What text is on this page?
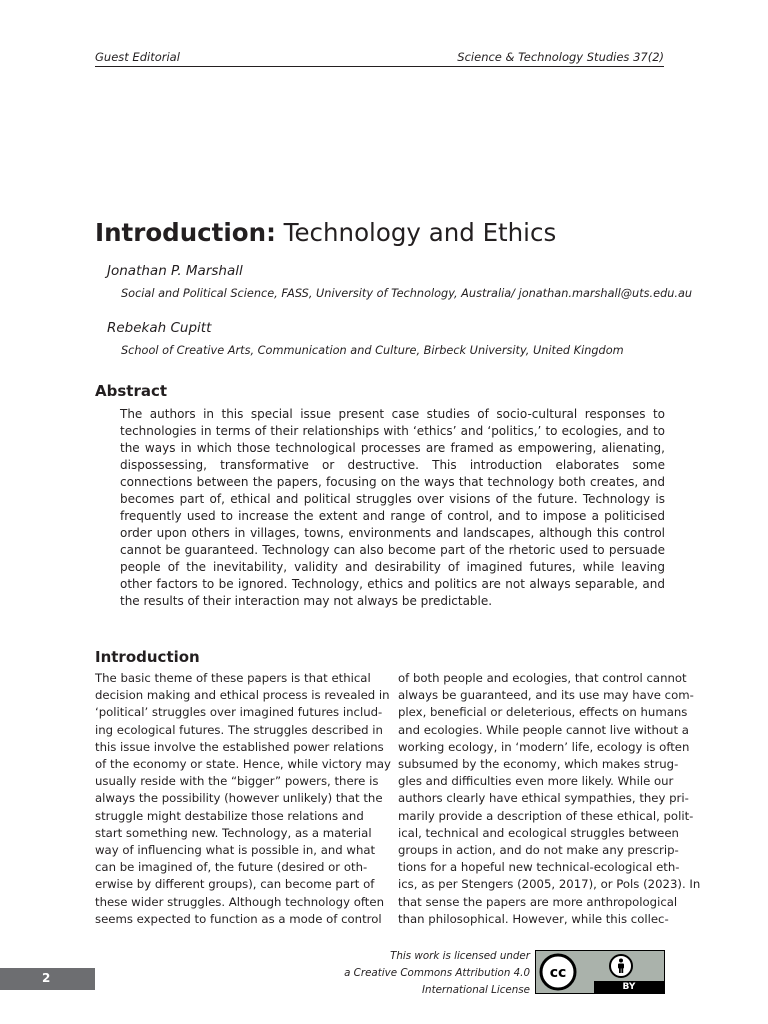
Guest Editorial	Science & Technology Studies 37(2)
Introduction: Technology and Ethics
Jonathan P. Marshall
Social and Political Science, FASS, University of Technology, Australia/ jonathan.marshall@uts.edu.au
Rebekah Cupitt
School of Creative Arts, Communication and Culture, Birbeck University, United Kingdom
Abstract

The authors in this special issue present case studies of socio-cultural responses to technologies in terms of their relationships with ‘ethics’ and ‘politics,’ to ecologies, and to the ways in which those technological processes are framed as empowering, alienating, dispossessing, transformative or destructive. This introduction elaborates some connections between the papers, focusing on the ways that technology both creates, and becomes part of, ethical and political struggles over visions of the future. Technology is frequently used to increase the extent and range of control, and to impose a politicised order upon others in villages, towns, environments and landscapes, although this control cannot be guaranteed. Technology can also become part of the rhetoric used to persuade people of the inevitability, validity and desirability of imagined futures, while leaving other factors to be ignored. Technology, ethics and politics are not always separable, and the results of their interaction may not always be predictable.

Introduction
The basic theme of these papers is that ethical
decision making and ethical process is revealed in
‘political’ struggles over imagined futures includ-
ing ecological futures. The struggles described in
this issue involve the established power relations
of the economy or state. Hence, while victory may
usually reside with the “bigger” powers, there is
always the possibility (however unlikely) that the
struggle might destabilize those relations and
start something new. Technology, as a material
way of influencing what is possible in, and what
can be imagined of, the future (desired or oth-
erwise by different groups), can become part of
these wider struggles. Although technology often
seems expected to function as a mode of control
of both people and ecologies, that control cannot
always be guaranteed, and its use may have com-
plex, beneficial or deleterious, effects on humans
and ecologies. While people cannot live without a
working ecology, in ‘modern’ life, ecology is often
subsumed by the economy, which makes strug-
gles and difficulties even more likely. While our
authors clearly have ethical sympathies, they pri-
marily provide a description of these ethical, polit-
ical, technical and ecological struggles between
groups in action, and do not make any prescrip-
tions for a hopeful new technical-ecological eth-
ics, as per Stengers (2005, 2017), or Pols (2023). In
that sense the papers are more anthropological
than philosophical. However, while this collec-
This work is licensed under
a Creative Commons Attribution 4.0
International License
cc
BY
2
